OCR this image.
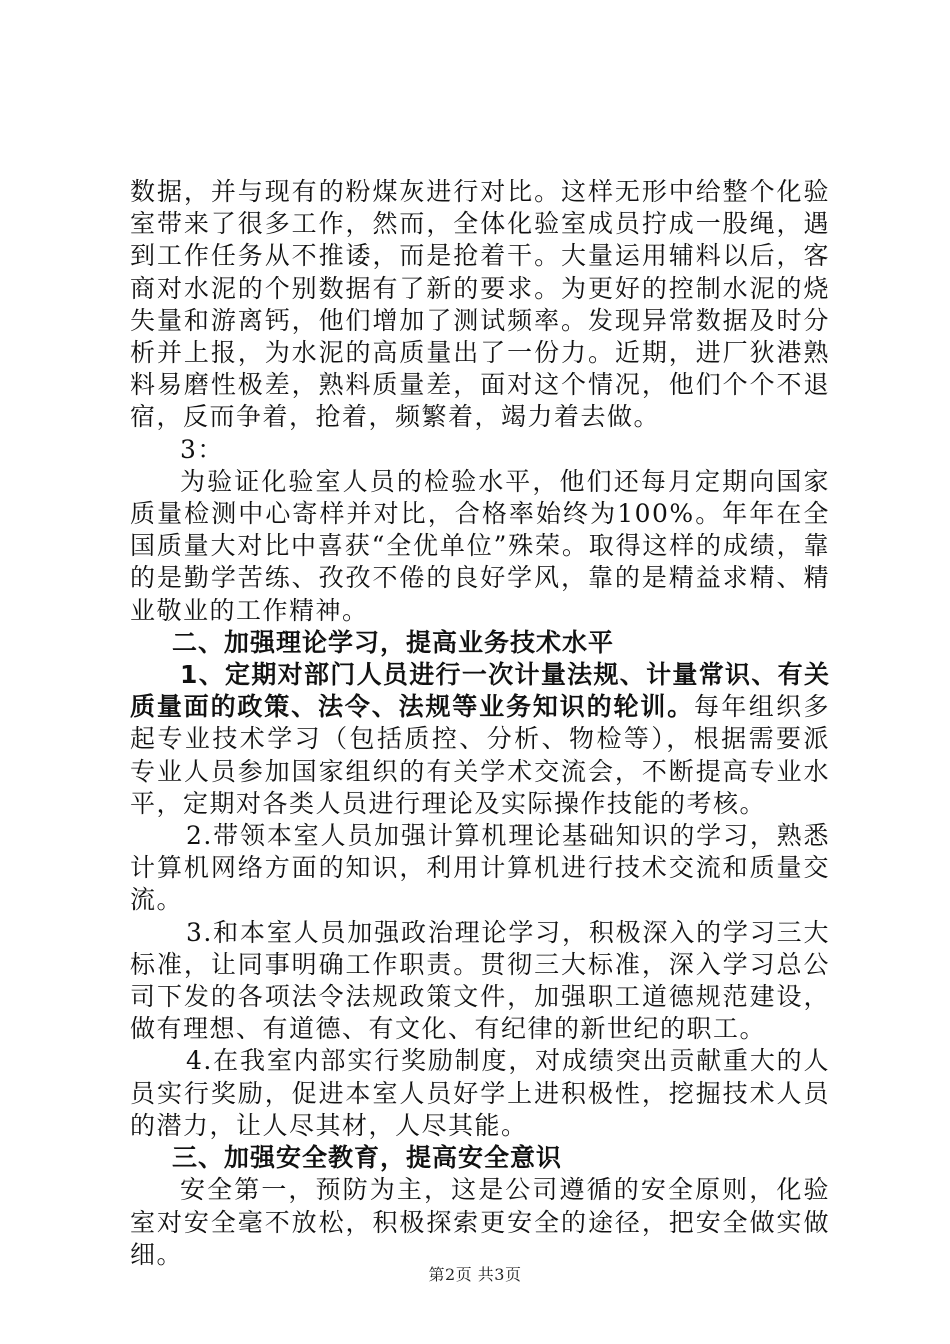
数据，并与现有的粉煤灰进行对比。这样无形中给整个化验室带来了很多工作，然而，全体化验室成员拧成一股绳，遇到工作任务从不推诿，而是抢着干。大量运用辅料以后，客商对水泥的个别数据有了新的要求。为更好的控制水泥的烧失量和游离钙，他们增加了测试频率。发现异常数据及时分析并上报，为水泥的高质量出了一份力。近期，进厂狄港熟料易磨性极差，熟料质量差，面对这个情况，他们个个不退宿，反而争着，抢着，频繁着，竭力着去做。

3：

为验证化验室人员的检验水平，他们还每月定期向国家质量检测中心寄样并对比，合格率始终为100%。年年在全国质量大对比中喜获“全优单位”殊荣。取得这样的成绩，靠的是勤学苦练、孜孜不倦的良好学风，靠的是精益求精、精业敬业的工作精神。

二、加强理论学习，提高业务技术水平

1、定期对部门人员进行一次计量法规、计量常识、有关质量面的政策、法令、法规等业务知识的轮训。每年组织多起专业技术学习（包括质控、分析、物检等），根据需要派专业人员参加国家组织的有关学术交流会，不断提高专业水平，定期对各类人员进行理论及实际操作技能的考核。

2.带领本室人员加强计算机理论基础知识的学习，熟悉计算机网络方面的知识，利用计算机进行技术交流和质量交流。

3.和本室人员加强政治理论学习，积极深入的学习三大标准，让同事明确工作职责。贯彻三大标准，深入学习总公司下发的各项法令法规政策文件，加强职工道德规范建设，做有理想、有道德、有文化、有纪律的新世纪的职工。

4.在我室内部实行奖励制度，对成绩突出贡献重大的人员实行奖励，促进本室人员好学上进积极性，挖掘技术人员的潜力，让人尽其材，人尽其能。

三、加强安全教育，提高安全意识

安全第一，预防为主，这是公司遵循的安全原则，化验室对安全毫不放松，积极探索更安全的途径，把安全做实做细。

第2页 共3页
